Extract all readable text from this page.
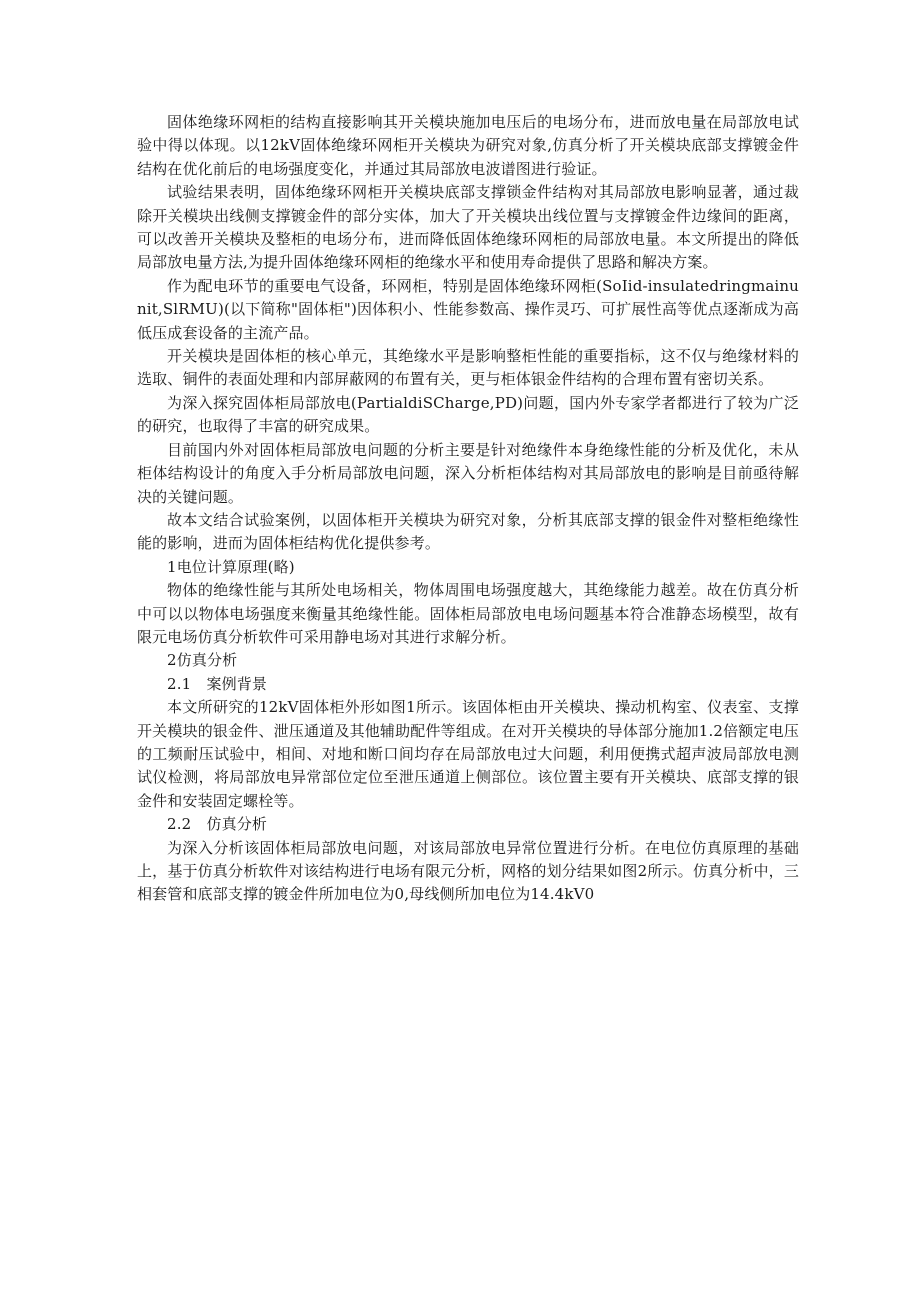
固体绝缘环网柜的结构直接影响其开关模块施加电压后的电场分布，进而放电量在局部放电试验中得以体现。以12kV固体绝缘环网柜开关模块为研究对象,仿真分析了开关模块底部支撑镀金件结构在优化前后的电场强度变化，并通过其局部放电波谱图进行验证。

试验结果表明，固体绝缘环网柜开关模块底部支撑锁金件结构对其局部放电影响显著，通过裁除开关模块出线侧支撑镀金件的部分实体，加大了开关模块出线位置与支撑镀金件边缘间的距离，可以改善开关模块及整柜的电场分布，进而降低固体绝缘环网柜的局部放电量。本文所提出的降低局部放电量方法,为提升固体绝缘环网柜的绝缘水平和使用寿命提供了思路和解决方案。

作为配电环节的重要电气设备，环网柜，特别是固体绝缘环网柜(SoIid-insulatedringmainunit,SlRMU)(以下简称"固体柜")因体积小、性能参数高、操作灵巧、可扩展性高等优点逐渐成为高低压成套设备的主流产品。

开关模块是固体柜的核心单元，其绝缘水平是影响整柜性能的重要指标，这不仅与绝缘材料的选取、铜件的表面处理和内部屏蔽网的布置有关，更与柜体银金件结构的合理布置有密切关系。

为深入探究固体柜局部放电(PartialdiSCharge,PD)问题，国内外专家学者都进行了较为广泛的研究，也取得了丰富的研究成果。

目前国内外对固体柜局部放电问题的分析主要是针对绝缘件本身绝缘性能的分析及优化，未从柜体结构设计的角度入手分析局部放电问题，深入分析柜体结构对其局部放电的影响是目前亟待解决的关键问题。

故本文结合试验案例，以固体柜开关模块为研究对象，分析其底部支撑的银金件对整柜绝缘性能的影响，进而为固体柜结构优化提供参考。

1电位计算原理(略)

物体的绝缘性能与其所处电场相关，物体周围电场强度越大，其绝缘能力越差。故在仿真分析中可以以物体电场强度来衡量其绝缘性能。固体柜局部放电电场问题基本符合准静态场模型，故有限元电场仿真分析软件可采用静电场对其进行求解分析。

2仿真分析

2.1　案例背景

本文所研究的12kV固体柜外形如图1所示。该固体柜由开关模块、操动机构室、仪表室、支撑开关模块的银金件、泄压通道及其他辅助配件等组成。在对开关模块的导体部分施加1.2倍额定电压的工频耐压试验中，相间、对地和断口间均存在局部放电过大问题，利用便携式超声波局部放电测试仪检测，将局部放电异常部位定位至泄压通道上侧部位。该位置主要有开关模块、底部支撑的银金件和安装固定螺栓等。

2.2　仿真分析

为深入分析该固体柜局部放电问题，对该局部放电异常位置进行分析。在电位仿真原理的基础上，基于仿真分析软件对该结构进行电场有限元分析，网格的划分结果如图2所示。仿真分析中，三相套管和底部支撑的镀金件所加电位为0,母线侧所加电位为14.4kV0
